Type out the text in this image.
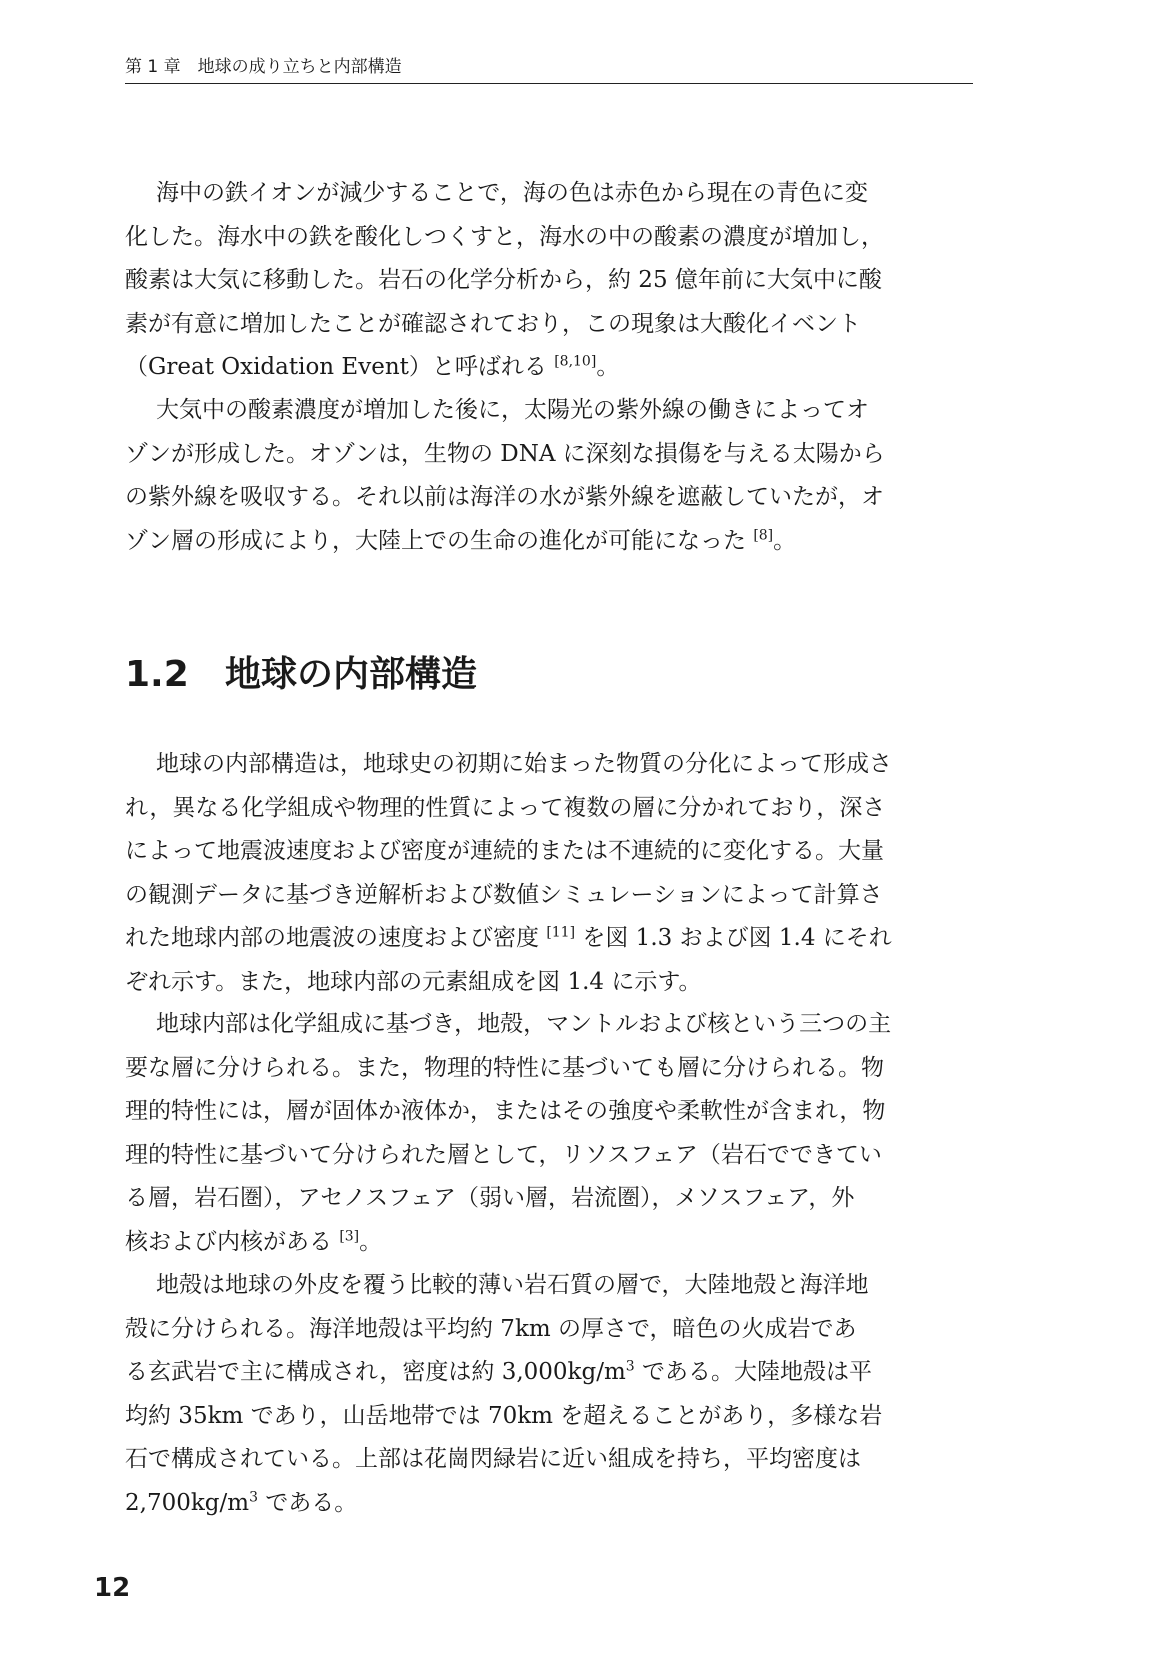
第 1 章　地球の成り立ちと内部構造
海中の鉄イオンが減少することで，海の色は赤色から現在の青色に変
化した。海水中の鉄を酸化しつくすと，海水の中の酸素の濃度が増加し，
酸素は大気に移動した。岩石の化学分析から，約 25 億年前に大気中に酸
素が有意に増加したことが確認されており，この現象は大酸化イベント
（Great Oxidation Event）と呼ばれる [8,10]。
大気中の酸素濃度が増加した後に，太陽光の紫外線の働きによってオ
ゾンが形成した。オゾンは，生物の DNA に深刻な損傷を与える太陽から
の紫外線を吸収する。それ以前は海洋の水が紫外線を遮蔽していたが，オ
ゾン層の形成により，大陸上での生命の進化が可能になった [8]。
1.2 地球の内部構造
地球の内部構造は，地球史の初期に始まった物質の分化によって形成さ
れ，異なる化学組成や物理的性質によって複数の層に分かれており，深さ
によって地震波速度および密度が連続的または不連続的に変化する。大量
の観測データに基づき逆解析および数値シミュレーションによって計算さ
れた地球内部の地震波の速度および密度 [11] を図 1.3 および図 1.4 にそれ
ぞれ示す。また，地球内部の元素組成を図 1.4 に示す。
地球内部は化学組成に基づき，地殻，マントルおよび核という三つの主
要な層に分けられる。また，物理的特性に基づいても層に分けられる。物
理的特性には，層が固体か液体か，またはその強度や柔軟性が含まれ，物
理的特性に基づいて分けられた層として，リソスフェア（岩石でできてい
る層，岩石圏），アセノスフェア（弱い層，岩流圏），メソスフェア，外
核および内核がある [3]。
地殻は地球の外皮を覆う比較的薄い岩石質の層で，大陸地殻と海洋地
殻に分けられる。海洋地殻は平均約 7km の厚さで，暗色の火成岩であ
る玄武岩で主に構成され，密度は約 $3,000kg/m^3$ である。大陸地殻は平
均約 35km であり，山岳地帯では 70km を超えることがあり，多様な岩
石で構成されている。上部は花崗閃緑岩に近い組成を持ち，平均密度は
$2,700kg/m^3$ である。
12
